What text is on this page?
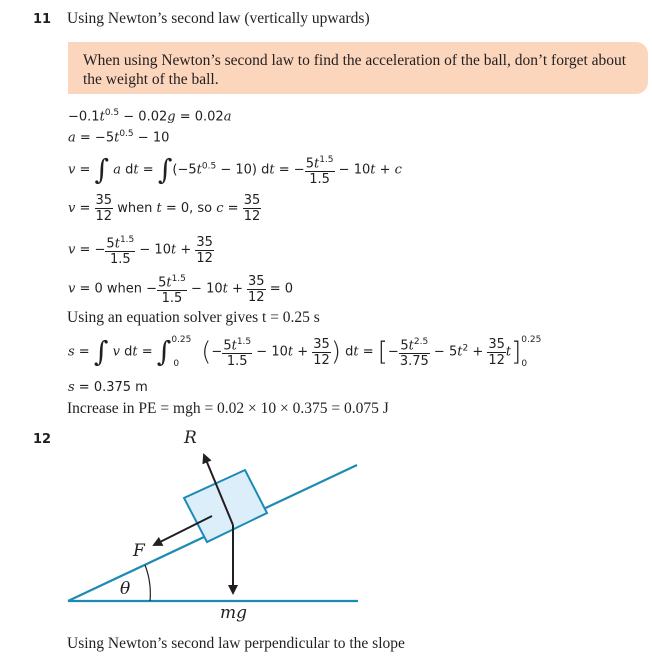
11 Using Newton’s second law (vertically upwards)
When using Newton’s second law to find the acceleration of the ball, don’t forget about the weight of the ball.
$-0.1t^{0.5} - 0.02g = 0.02a$
$a = -5t^{0.5} - 10$
v = ∫ a dt = $\int(-5t^{0.5} - 10)$ dt = − $\frac{5t^{1.5}}{1.5} - 10t + c$
$v = \frac{35}{12}$ when t = 0, so $c = \frac{35}{12}$
v = − $\frac{5t^{1.5}}{1.5} - 10t + \frac{35}{12}$
v = 0 when − $\frac{5t^{1.5}}{1.5} - 10t + \frac{35}{12} = 0$
Using an equation solver gives t = 0.25 s
s = ∫ v dt = ∫$^{0.25}_0$ (− $\frac{5t^{1.5}}{1.5} - 10t + \frac{35}{12}$ ) dt = [− $\frac{5t^{2.5}}{3.75} - 5t^2 + \frac{35}{12} t]^{0.25}_0$
s = 0.375 m
Increase in PE = mgh = 0.02 × 10 × 0.375 = 0.075 J
12	R
F
θ
mg
Using Newton’s second law perpendicular to the slope
